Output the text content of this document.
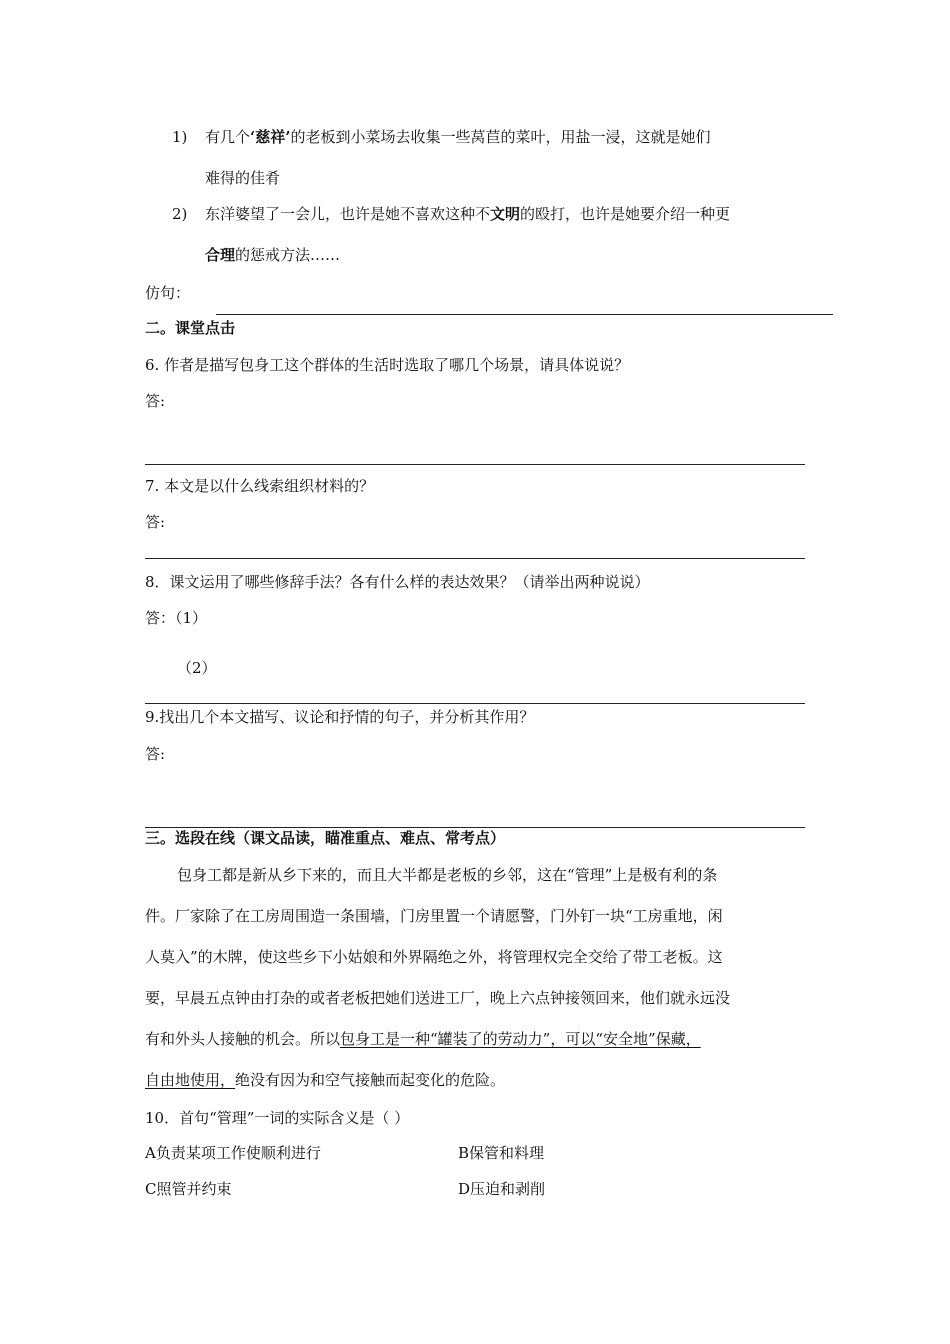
1) 有几个‘慈祥’的老板到小菜场去收集一些莴苣的菜叶，用盐一浸，这就是她们
难得的佳肴
2) 东洋婆望了一会儿，也许是她不喜欢这种不文明的殴打，也许是她要介绍一种更
合理的惩戒方法……
仿句：
二。课堂点击
6. 作者是描写包身工这个群体的生活时选取了哪几个场景，请具体说说？
答:
7. 本文是以什么线索组织材料的？
答:
8．课文运用了哪些修辞手法？各有什么样的表达效果？（请举出两种说说）
答：（1）
（2）
9.找出几个本文描写、议论和抒情的句子，并分析其作用？
答:
三。选段在线（课文品读，瞄准重点、难点、常考点）
包身工都是新从乡下来的，而且大半都是老板的乡邻，这在“管理”上是极有利的条
件。厂家除了在工房周围造一条围墙，门房里置一个请愿警，门外钉一块“工房重地，闲
人莫入”的木牌，使这些乡下小姑娘和外界隔绝之外，将管理权完全交给了带工老板。这
要，早晨五点钟由打杂的或者老板把她们送进工厂，晚上六点钟接领回来，他们就永远没
有和外头人接触的机会。所以包身工是一种“罐装了的劳动力”，可以“安全地”保藏，
自由地使用，绝没有因为和空气接触而起变化的危险。
10．首句“管理”一词的实际含义是（ ）
A负责某项工作使顺利进行	B保管和料理
C照管并约束	D压迫和剥削
